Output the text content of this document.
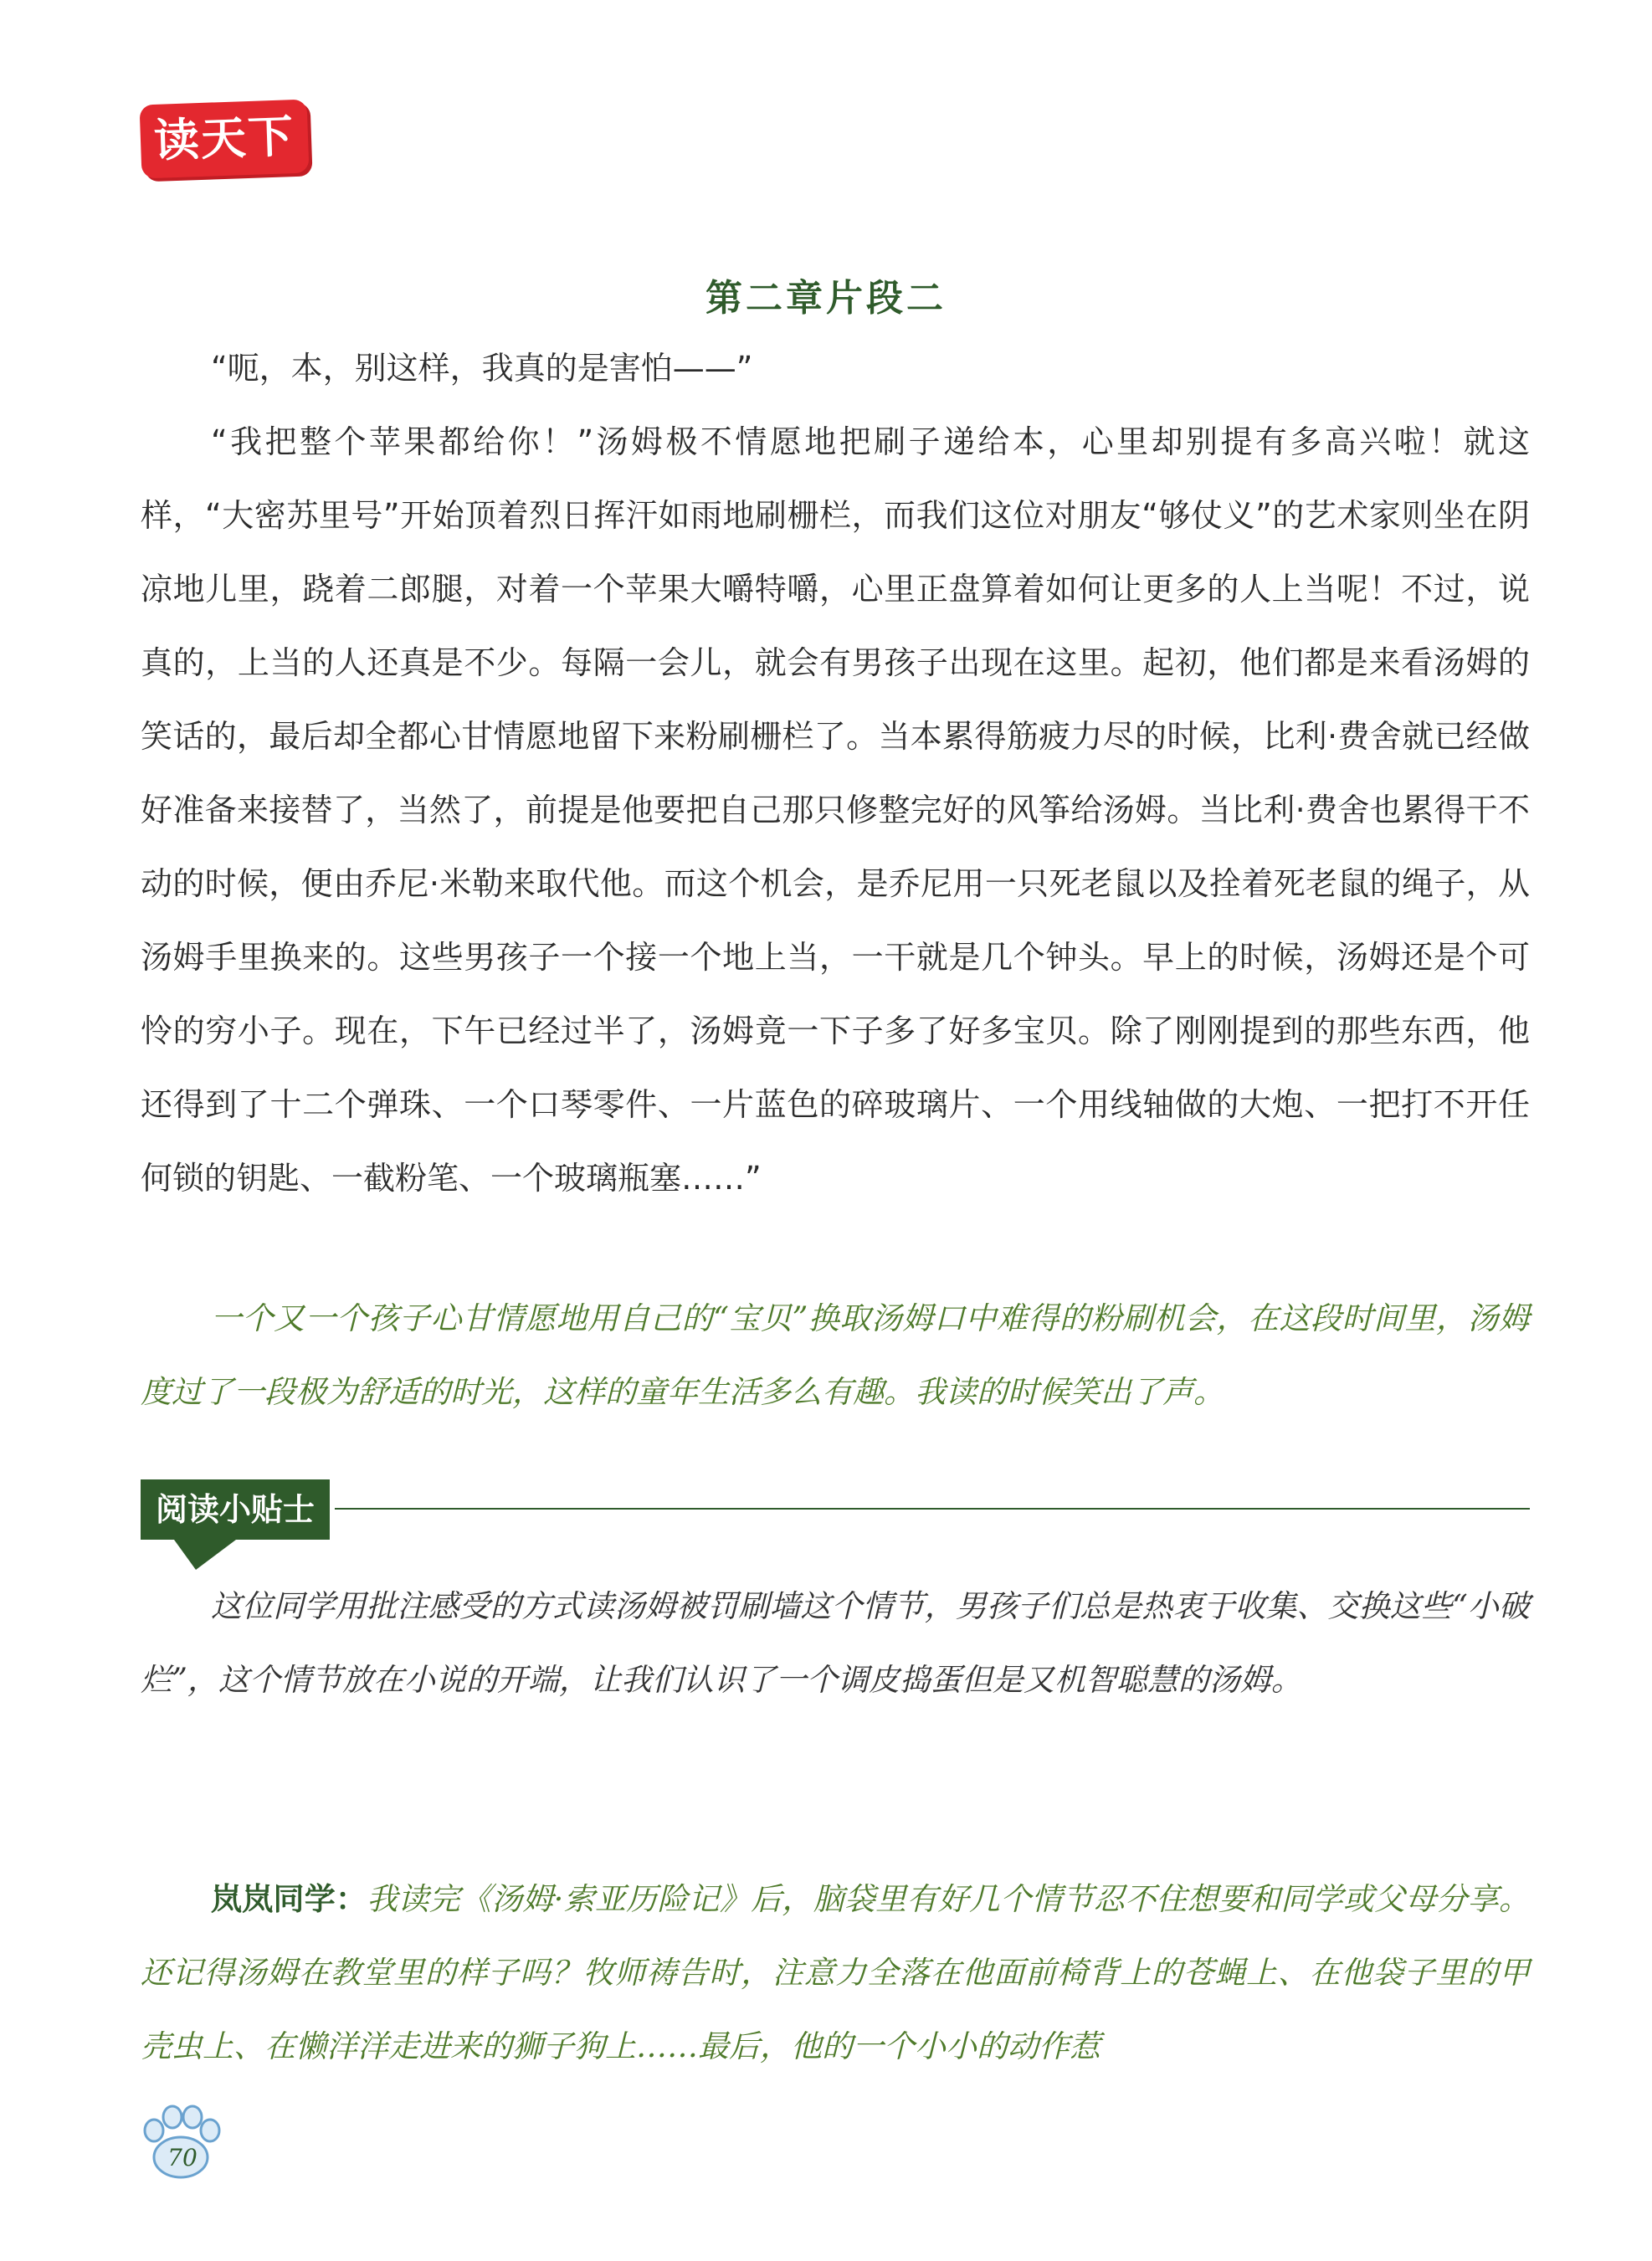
读天下
第二章片段二

“呃，本，别这样，我真的是害怕——”

“我把整个苹果都给你！”汤姆极不情愿地把刷子递给本，心里却别提有多高兴啦！就这样，“大密苏里号”开始顶着烈日挥汗如雨地刷栅栏，而我们这位对朋友“够仗义”的艺术家则坐在阴凉地儿里，跷着二郎腿，对着一个苹果大嚼特嚼，心里正盘算着如何让更多的人上当呢！不过，说真的，上当的人还真是不少。每隔一会儿，就会有男孩子出现在这里。起初，他们都是来看汤姆的笑话的，最后却全都心甘情愿地留下来粉刷栅栏了。当本累得筋疲力尽的时候，比利·费舍就已经做好准备来接替了，当然了，前提是他要把自己那只修整完好的风筝给汤姆。当比利·费舍也累得干不动的时候，便由乔尼·米勒来取代他。而这个机会，是乔尼用一只死老鼠以及拴着死老鼠的绳子，从汤姆手里换来的。这些男孩子一个接一个地上当，一干就是几个钟头。早上的时候，汤姆还是个可怜的穷小子。现在，下午已经过半了，汤姆竟一下子多了好多宝贝。除了刚刚提到的那些东西，他还得到了十二个弹珠、一个口琴零件、一片蓝色的碎玻璃片、一个用线轴做的大炮、一把打不开任何锁的钥匙、一截粉笔、一个玻璃瓶塞……”

一个又一个孩子心甘情愿地用自己的“宝贝”换取汤姆口中难得的粉刷机会，在这段时间里，汤姆度过了一段极为舒适的时光，这样的童年生活多么有趣。我读的时候笑出了声。

阅读小贴士

这位同学用批注感受的方式读汤姆被罚刷墙这个情节，男孩子们总是热衷于收集、交换这些“小破烂”，这个情节放在小说的开端，让我们认识了一个调皮捣蛋但是又机智聪慧的汤姆。

岚岚同学：我读完《汤姆·索亚历险记》后，脑袋里有好几个情节忍不住想要和同学或父母分享。还记得汤姆在教堂里的样子吗？牧师祷告时，注意力全落在他面前椅背上的苍蝇上、在他袋子里的甲壳虫上、在懒洋洋走进来的狮子狗上……最后，他的一个小小的动作惹

70
